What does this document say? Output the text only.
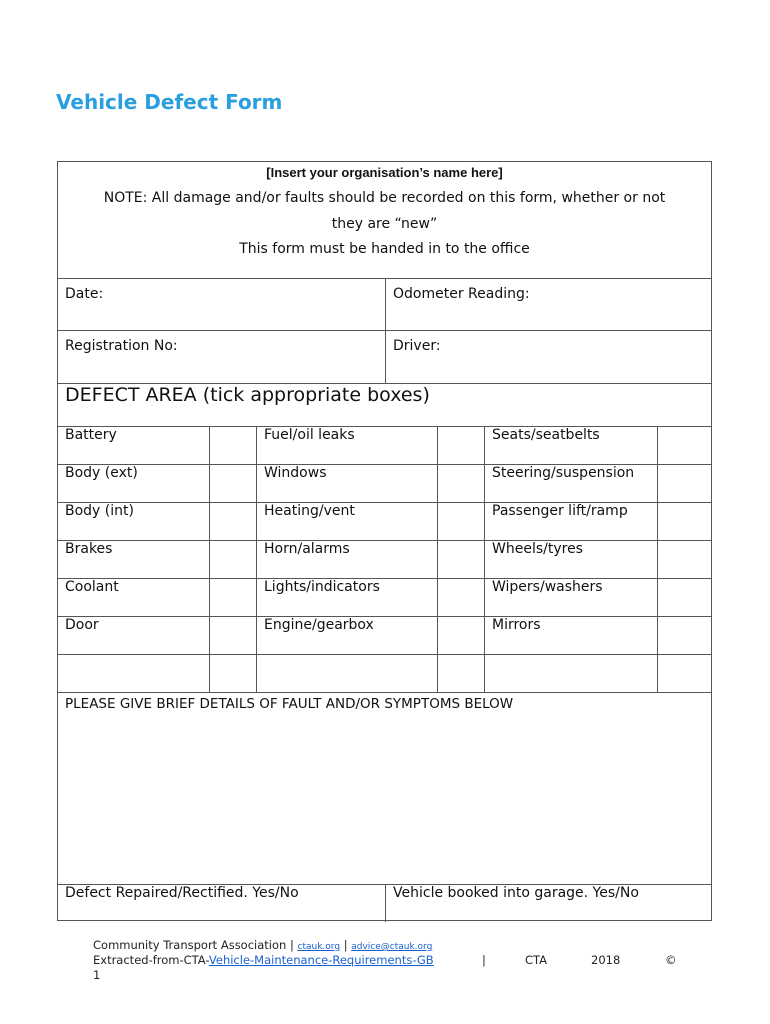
Vehicle Defect Form
[Insert your organisation’s name here]
NOTE: All damage and/or faults should be recorded on this form, whether or not
they are “new”
This form must be handed in to the office
Date:	Odometer Reading:
Registration No:	Driver:
DEFECT AREA (tick appropriate boxes)
Battery	Fuel/oil leaks	Seats/seatbelts
Body (ext)	Windows	Steering/suspension
Body (int)	Heating/vent	Passenger lift/ramp
Brakes	Horn/alarms	Wheels/tyres
Coolant	Lights/indicators	Wipers/washers
Door	Engine/gearbox	Mirrors
PLEASE GIVE BRIEF DETAILS OF FAULT AND/OR SYMPTOMS BELOW
Defect Repaired/Rectified. Yes/No	Vehicle booked into garage. Yes/No
Community Transport Association | ctauk.org | advice@ctauk.org
Extracted-from-CTA-Vehicle-Maintenance-Requirements-GB	|	CTA	2018	©
1
